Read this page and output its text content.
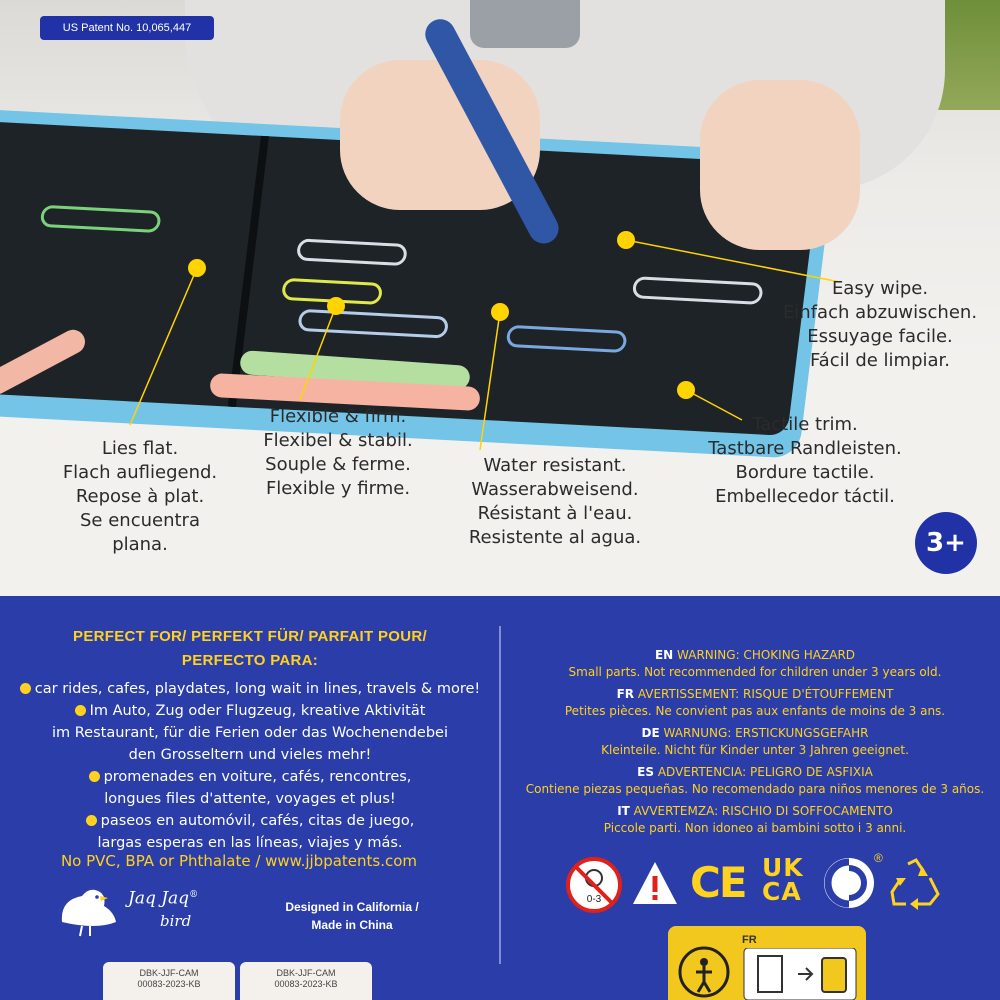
Easy wipe.
Einfach abzuwischen.
Essuyage facile.
Fácil de limpiar.
Tactile trim.
Tastbare Randleisten.
Bordure tactile.
Embellecedor táctil.
Flexible & firm.
Flexibel & stabil.
Souple & ferme.
Flexible y firme.
Lies flat.
Flach aufliegend.
Repose à plat.
Se encuentra
plana.
Water resistant.
Wasserabweisend.
Résistant à l'eau.
Resistente al agua.
US Patent No. 10,065,447
3+
PERFECT FOR/ PERFEKT FÜR/ PARFAIT POUR/
PERFECTO PARA:
car rides, cafes, playdates, long wait in lines, travels & more!
Im Auto, Zug oder Flugzeug, kreative Aktivität
im Restaurant, für die Ferien oder das Wochenendebei
den Grosseltern und vieles mehr!
promenades en voiture, cafés, rencontres,
longues files d'attente, voyages et plus!
paseos en automóvil, cafés, citas de juego,
largas esperas en las líneas, viajes y más.
No PVC, BPA or Phthalate / www.jjbpatents.com
Jaq Jaq®
bird
Designed in California /
Made in China
DBK-JJF-CAM
00083-2023-KB
DBK-JJF-CAM
00083-2023-KB
EN WARNING: CHOKING HAZARD
Small parts. Not recommended for children under 3 years old.
FR AVERTISSEMENT: RISQUE D'ÉTOUFFEMENT
Petites pièces. Ne convient pas aux enfants de moins de 3 ans.
DE WARNUNG: ERSTICKUNGSGEFAHR
Kleinteile. Nicht für Kinder unter 3 Jahren geeignet.
ES ADVERTENCIA: PELIGRO DE ASFIXIA
Contiene piezas pequeñas. No recomendado para niños menores de 3 años.
IT AVVERTEMZA: RISCHIO DI SOFFOCAMENTO
Piccole parti. Non idoneo ai bambini sotto i 3 anni.
0-3 CE UK
CA
®
FR
